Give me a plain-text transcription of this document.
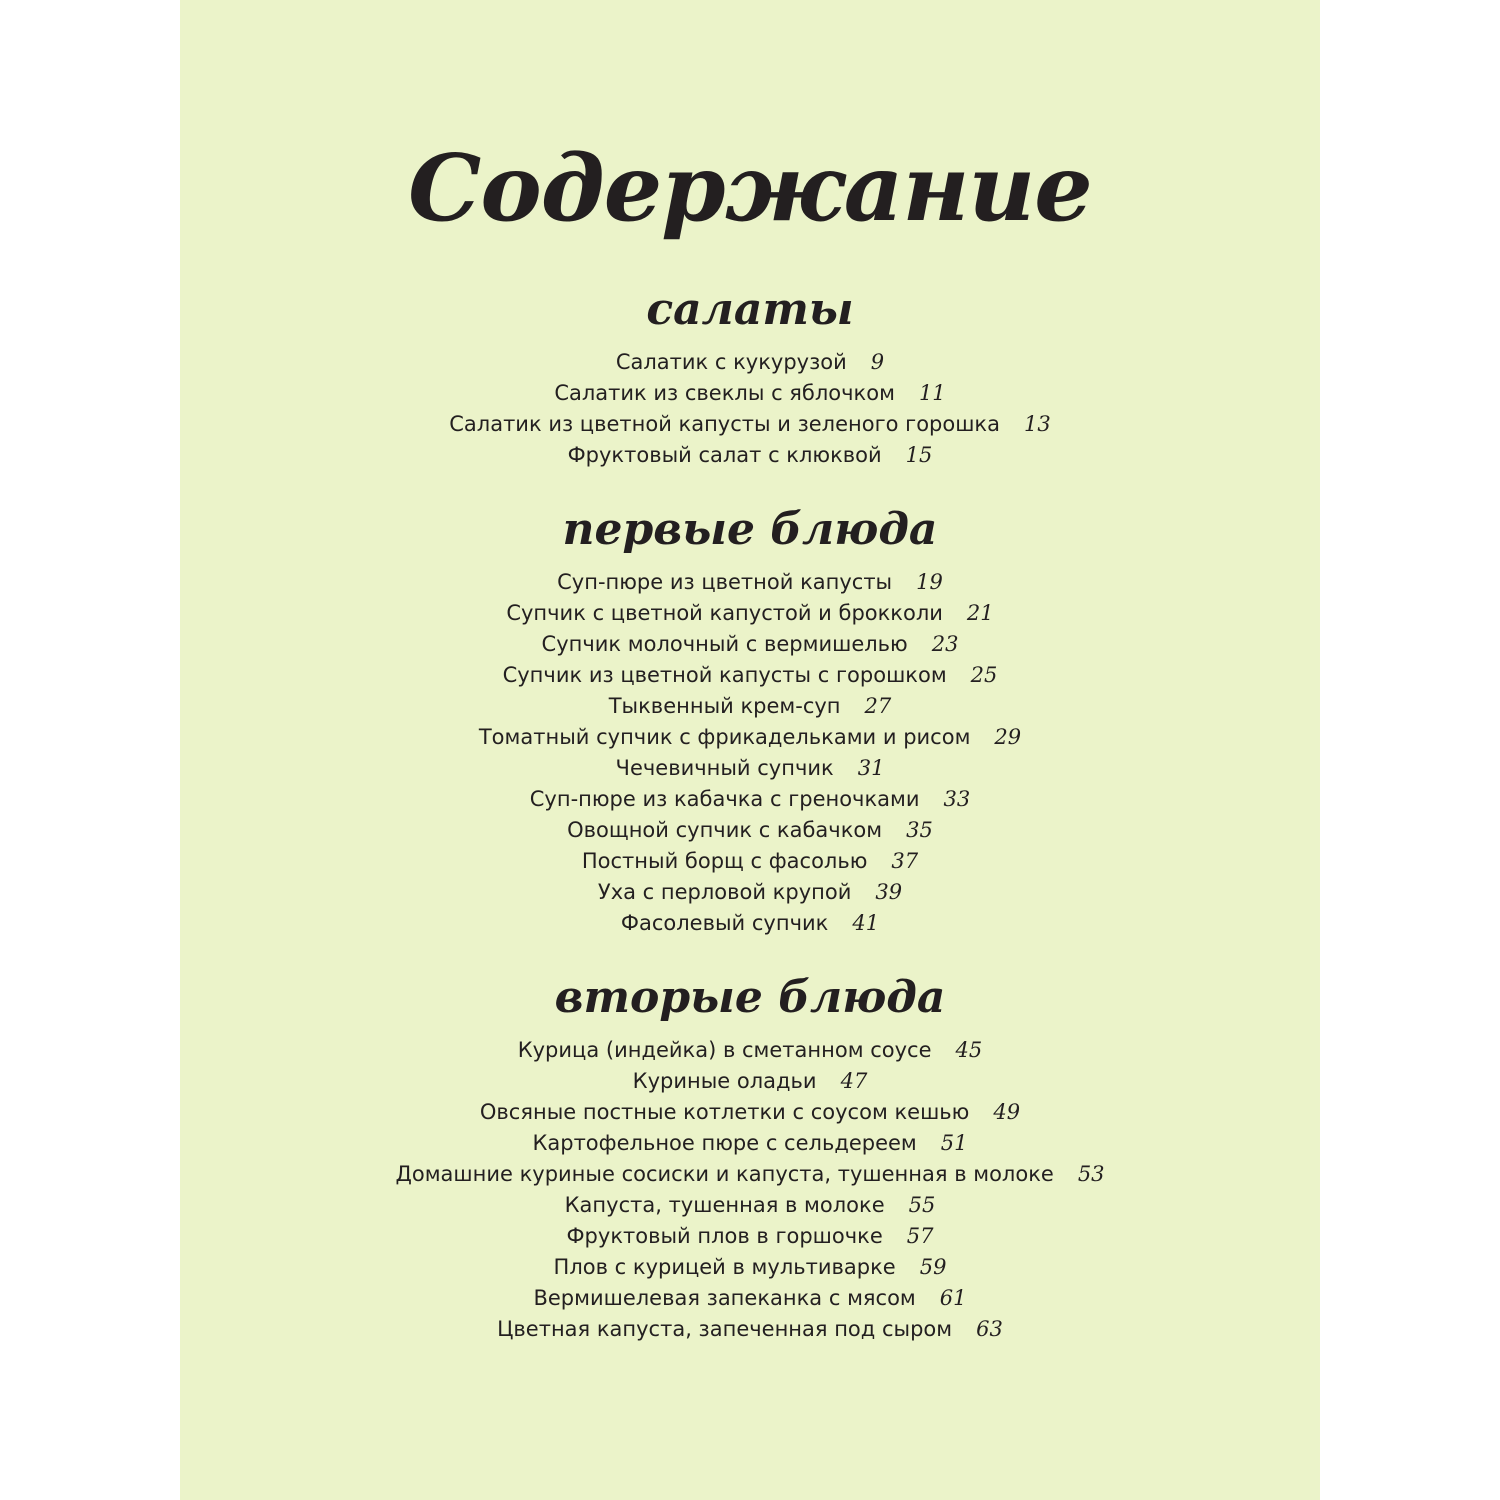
Содержание
салаты
Салатик с кукурузой 9
Салатик из свеклы с яблочком 11
Салатик из цветной капусты и зеленого горошка 13
Фруктовый салат с клюквой 15
первые блюда
Суп-пюре из цветной капусты 19
Супчик с цветной капустой и брокколи 21
Супчик молочный с вермишелью 23
Супчик из цветной капусты с горошком 25
Тыквенный крем-суп 27
Томатный супчик с фрикадельками и рисом 29
Чечевичный супчик 31
Суп-пюре из кабачка с греночками 33
Овощной супчик с кабачком 35
Постный борщ с фасолью 37
Уха с перловой крупой 39
Фасолевый супчик 41
вторые блюда
Курица (индейка) в сметанном соусе 45
Куриные оладьи 47
Овсяные постные котлетки с соусом кешью 49
Картофельное пюре с сельдереем 51
Домашние куриные сосиски и капуста, тушенная в молоке 53
Капуста, тушенная в молоке 55
Фруктовый плов в горшочке 57
Плов с курицей в мультиварке 59
Вермишелевая запеканка с мясом 61
Цветная капуста, запеченная под сыром 63
